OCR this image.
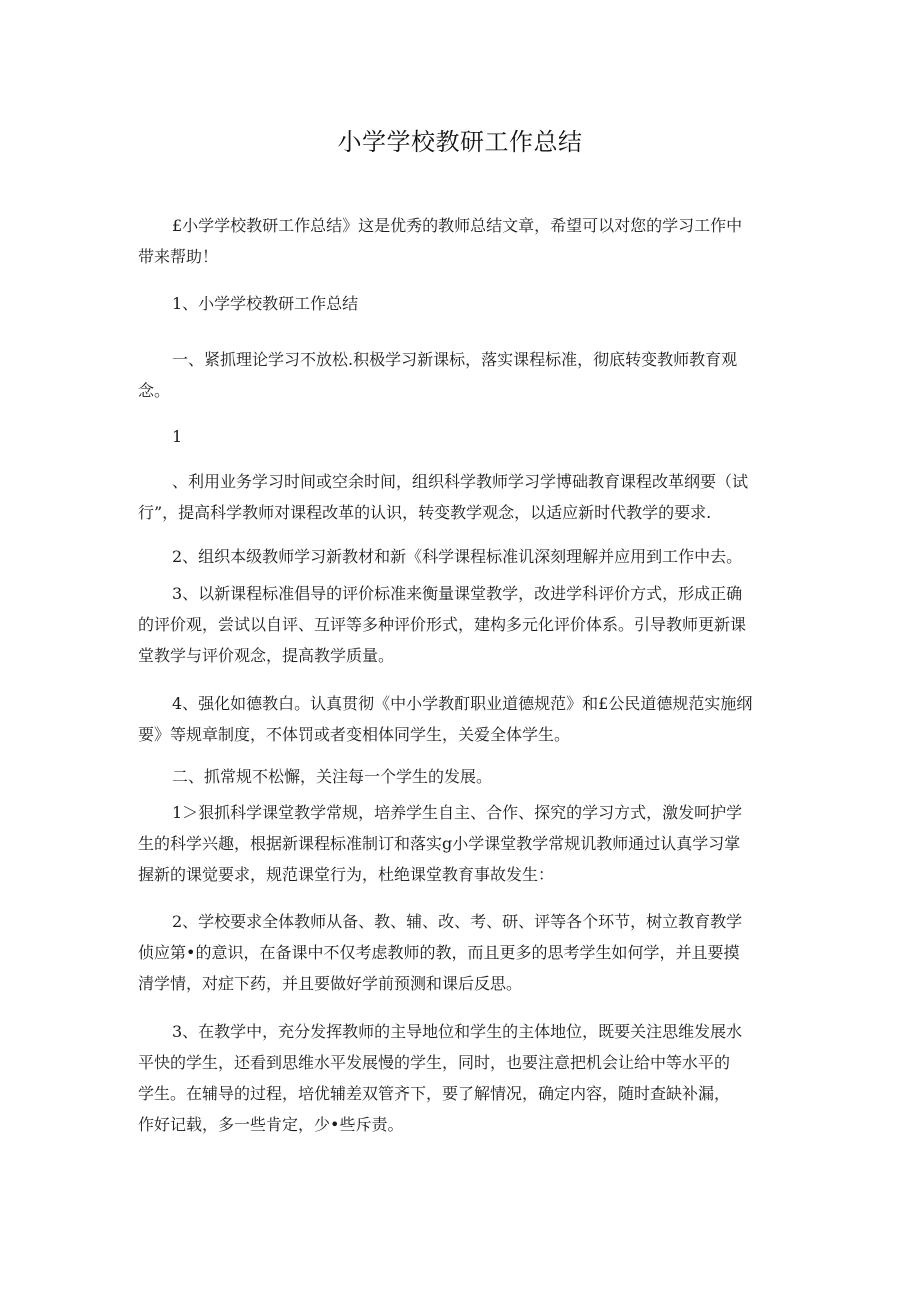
小学学校教研工作总结

£小学学校教研工作总结》这是优秀的教师总结文章，希望可以对您的学习工作中
带来帮助！

1、小学学校教研工作总结

一、紧抓理论学习不放松.积极学习新课标，落实课程标准，彻底转变教师教育观
念。

1

、利用业务学习时间或空余时间，组织科学教师学习学博础教育课程改革纲要（试
行”，提高科学教师对课程改革的认识，转变教学观念，以适应新时代教学的要求.

2、组织本级教师学习新教材和新《科学课程标准讥深刻理解并应用到工作中去。

3、以新课程标准倡导的评价标准来衡量课堂教学，改进学科评价方式，形成正确
的评价观，尝试以自评、互评等多种评价形式，建构多元化评价体系。引导教师更新课
堂教学与评价观念，提高教学质量。

4、强化如德教白。认真贯彻《中小学教酊职业道德规范》和£公民道德规范实施纲
要》等规章制度，不体罚或者变相体同学生，关爱全体学生。

二、抓常规不松懈，关注每一个学生的发展。

1＞狠抓科学课堂教学常规，培养学生自主、合作、探究的学习方式，激发呵护学
生的科学兴趣，根据新课程标准制订和落实g小学课堂教学常规讥教师通过认真学习掌
握新的课觉要求，规范课堂行为，杜绝课堂教育事故发生：

2、学校要求全体教师从备、教、辅、改、考、研、评等各个环节，树立教育教学
侦应第•的意识，在备课中不仅考虑教师的教，而且更多的思考学生如何学，并且要摸
清学情，对症下药，并且要做好学前预测和课后反思。

3、在教学中，充分发挥教师的主导地位和学生的主体地位，既要关注思维发展水
平快的学生，还看到思维水平发展慢的学生，同时，也要注意把机会让给中等水平的
学生。在辅导的过程，培优辅差双管齐下，要了解情况，确定内容，随时查缺补漏，
作好记载，多一些肯定，少•些斥责。
